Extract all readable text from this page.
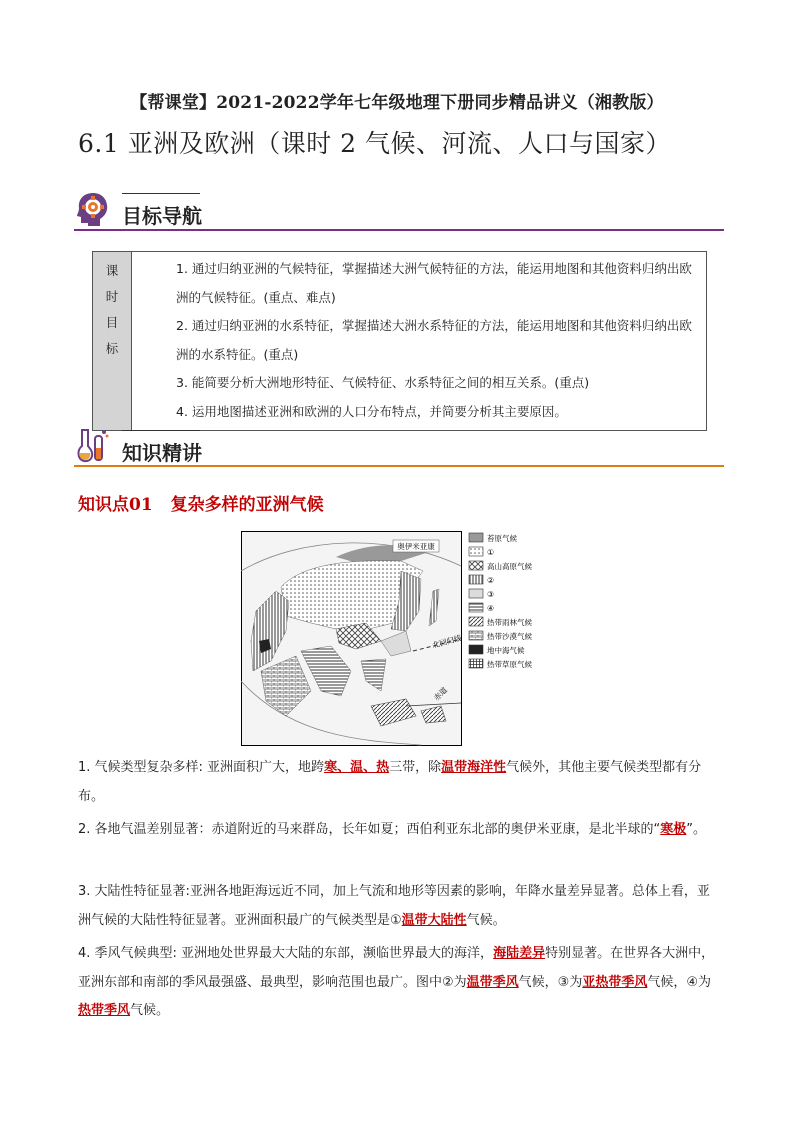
【帮课堂】2021-2022学年七年级地理下册同步精品讲义（湘教版）
6.1 亚洲及欧洲（课时 2 气候、河流、人口与国家）
目标导航
课
时
目
标

1. 通过归纳亚洲的气候特征，掌握描述大洲气候特征的方法，能运用地图和其他资料归纳出欧洲的气候特征。(重点、难点)
2. 通过归纳亚洲的水系特征，掌握描述大洲水系特征的方法，能运用地图和其他资料归纳出欧洲的水系特征。(重点)
3. 能简要分析大洲地形特征、气候特征、水系特征之间的相互关系。(重点)
4. 运用地图描述亚洲和欧洲的人口分布特点，并简要分析其主要原因。
知识精讲
知识点01 复杂多样的亚洲气候
奥伊米亚康
北回归线
赤道
苔原气候
①
高山高原气候
②
③
④
热带雨林气候
热带沙漠气候
地中海气候
热带草原气候
1. 气候类型复杂多样: 亚洲面积广大，地跨寒、温、热三带，除温带海洋性气候外，其他主要气候类型都有分布。
2. 各地气温差别显著：赤道附近的马来群岛，长年如夏；西伯利亚东北部的奥伊米亚康，是北半球的“寒极”。
3. 大陆性特征显著:亚洲各地距海远近不同，加上气流和地形等因素的影响，年降水量差异显著。总体上看，亚洲气候的大陆性特征显著。亚洲面积最广的气候类型是①温带大陆性气候。
4. 季风气候典型: 亚洲地处世界最大大陆的东部，濒临世界最大的海洋，海陆差异特别显著。在世界各大洲中，亚洲东部和南部的季风最强盛、最典型，影响范围也最广。图中②为温带季风气候，③为亚热带季风气候，④为热带季风气候。
